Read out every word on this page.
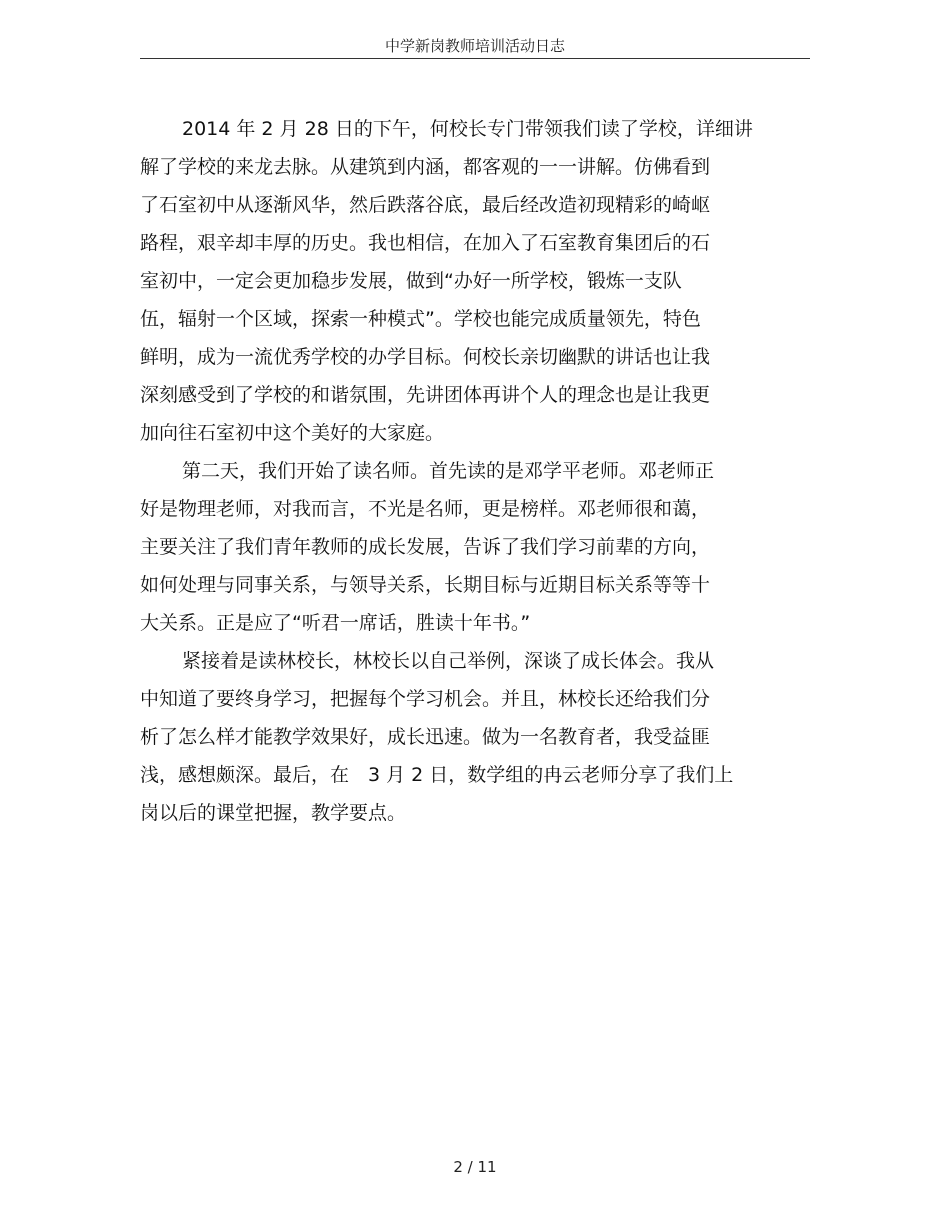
中学新岗教师培训活动日志
2014 年 2 月 28 日的下午，何校长专门带领我们读了学校，详细讲
解了学校的来龙去脉。从建筑到内涵，都客观的一一讲解。仿佛看到
了石室初中从逐渐风华，然后跌落谷底，最后经改造初现精彩的崎岖
路程，艰辛却丰厚的历史。我也相信，在加入了石室教育集团后的石
室初中，一定会更加稳步发展，做到“办好一所学校，锻炼一支队
伍，辐射一个区域，探索一种模式”。学校也能完成质量领先，特色
鲜明，成为一流优秀学校的办学目标。何校长亲切幽默的讲话也让我
深刻感受到了学校的和谐氛围，先讲团体再讲个人的理念也是让我更
加向往石室初中这个美好的大家庭。
第二天，我们开始了读名师。首先读的是邓学平老师。邓老师正
好是物理老师，对我而言，不光是名师，更是榜样。邓老师很和蔼，
主要关注了我们青年教师的成长发展，告诉了我们学习前辈的方向，
如何处理与同事关系，与领导关系，长期目标与近期目标关系等等十
大关系。正是应了“听君一席话，胜读十年书。”
紧接着是读林校长，林校长以自己举例，深谈了成长体会。我从
中知道了要终身学习，把握每个学习机会。并且，林校长还给我们分
析了怎么样才能教学效果好，成长迅速。做为一名教育者，我受益匪
浅，感想颇深。最后，在　3 月 2 日，数学组的冉云老师分享了我们上
岗以后的课堂把握，教学要点。
2 / 11
